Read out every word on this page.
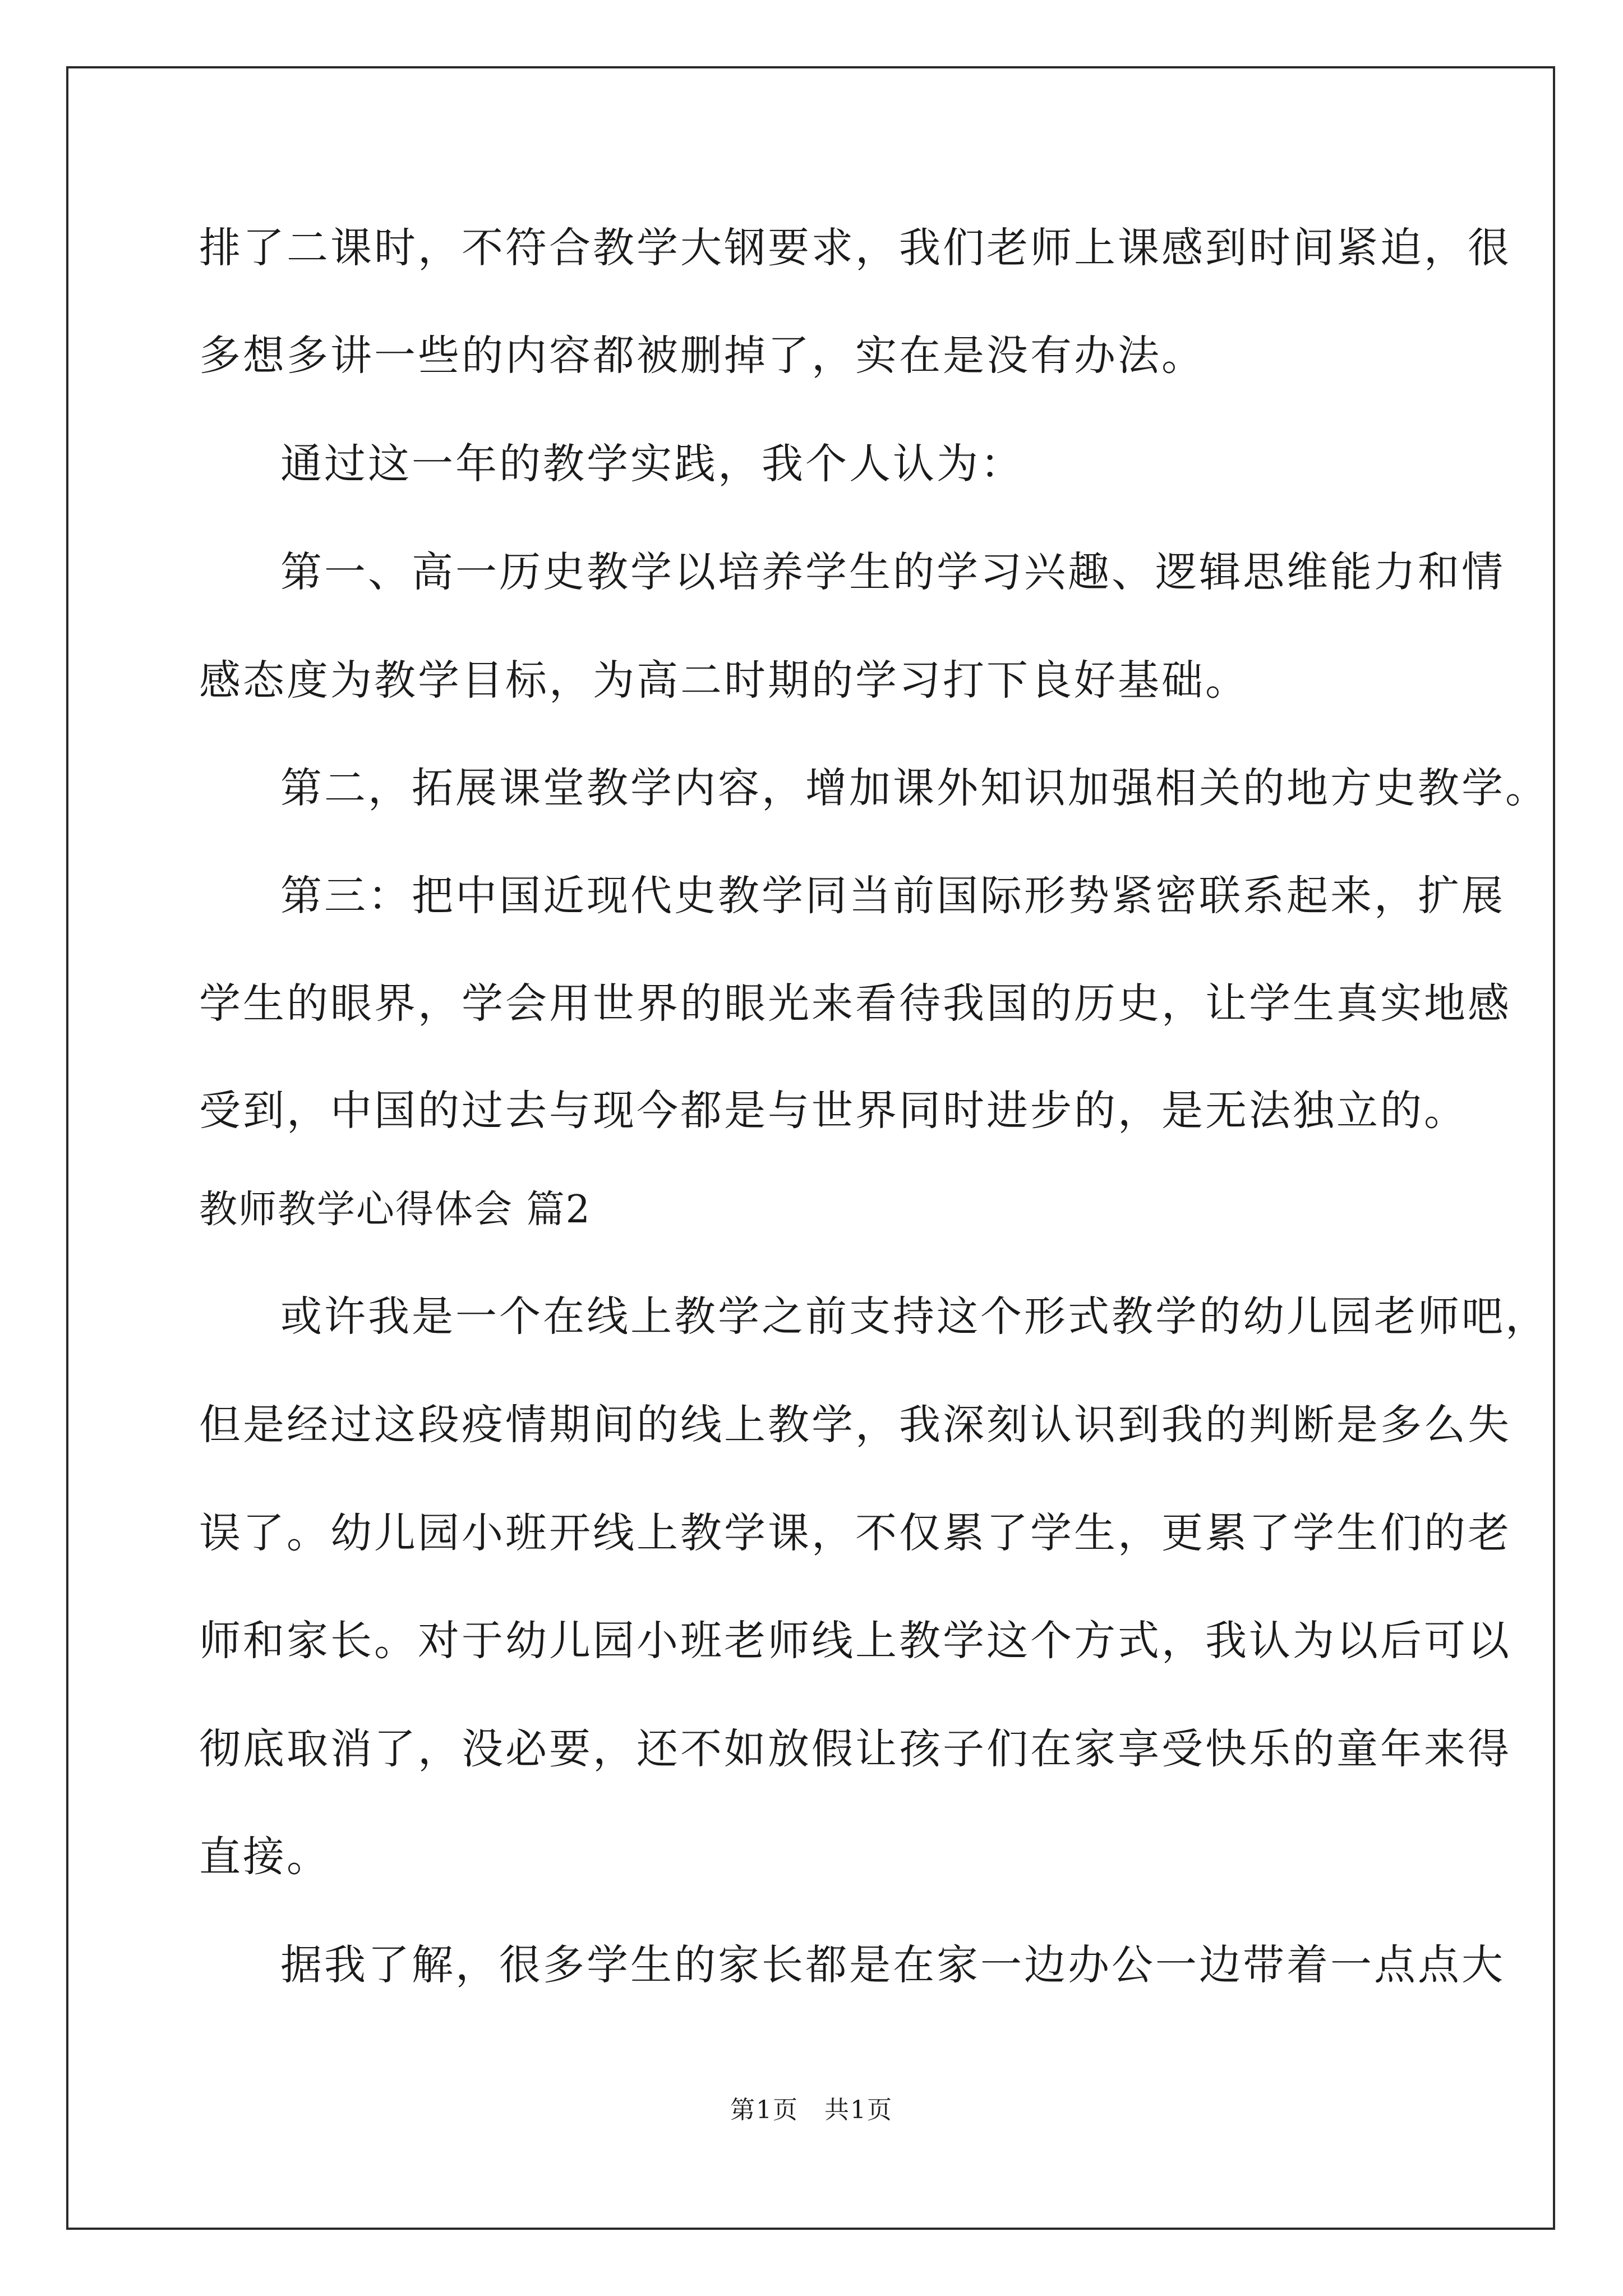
排了二课时，不符合教学大钢要求，我们老师上课感到时间紧迫，很
多想多讲一些的内容都被删掉了，实在是没有办法。
通过这一年的教学实践，我个人认为：
第一、高一历史教学以培养学生的学习兴趣、逻辑思维能力和情
感态度为教学目标，为高二时期的学习打下良好基础。
第二，拓展课堂教学内容，增加课外知识加强相关的地方史教学。
第三：把中国近现代史教学同当前国际形势紧密联系起来，扩展
学生的眼界，学会用世界的眼光来看待我国的历史，让学生真实地感
受到，中国的过去与现今都是与世界同时进步的，是无法独立的。
教师教学心得体会 篇2
或许我是一个在线上教学之前支持这个形式教学的幼儿园老师吧，
但是经过这段疫情期间的线上教学，我深刻认识到我的判断是多么失
误了。幼儿园小班开线上教学课，不仅累了学生，更累了学生们的老
师和家长。对于幼儿园小班老师线上教学这个方式，我认为以后可以
彻底取消了，没必要，还不如放假让孩子们在家享受快乐的童年来得
直接。
据我了解，很多学生的家长都是在家一边办公一边带着一点点大
第1页　共1页
